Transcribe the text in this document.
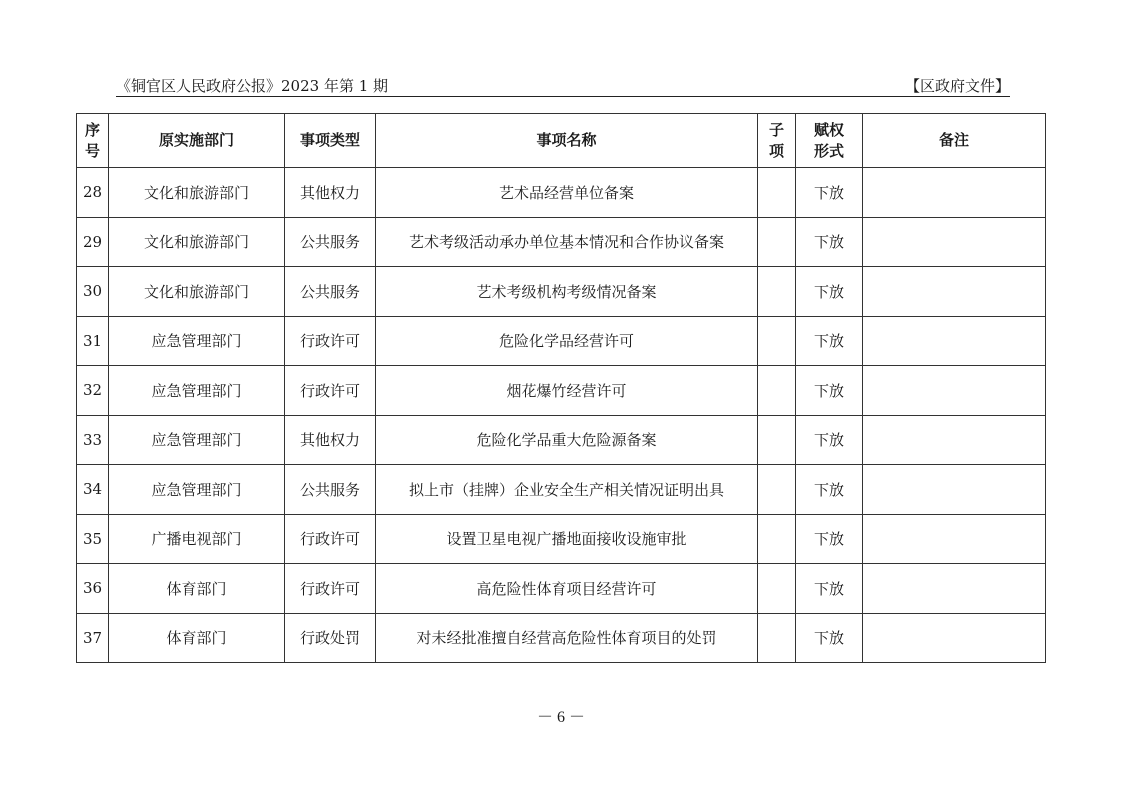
《铜官区人民政府公报》2023 年第 1 期	【区政府文件】
序号	原实施部门	事项类型	事项名称	子项	赋权形式	备注
28	文化和旅游部门	其他权力	艺术品经营单位备案		下放	
29	文化和旅游部门	公共服务	艺术考级活动承办单位基本情况和合作协议备案		下放	
30	文化和旅游部门	公共服务	艺术考级机构考级情况备案		下放	
31	应急管理部门	行政许可	危险化学品经营许可		下放	
32	应急管理部门	行政许可	烟花爆竹经营许可		下放	
33	应急管理部门	其他权力	危险化学品重大危险源备案		下放	
34	应急管理部门	公共服务	拟上市（挂牌）企业安全生产相关情况证明出具		下放	
35	广播电视部门	行政许可	设置卫星电视广播地面接收设施审批		下放	
36	体育部门	行政许可	高危险性体育项目经营许可		下放	
37	体育部门	行政处罚	对未经批准擅自经营高危险性体育项目的处罚		下放	
－ 6 －
